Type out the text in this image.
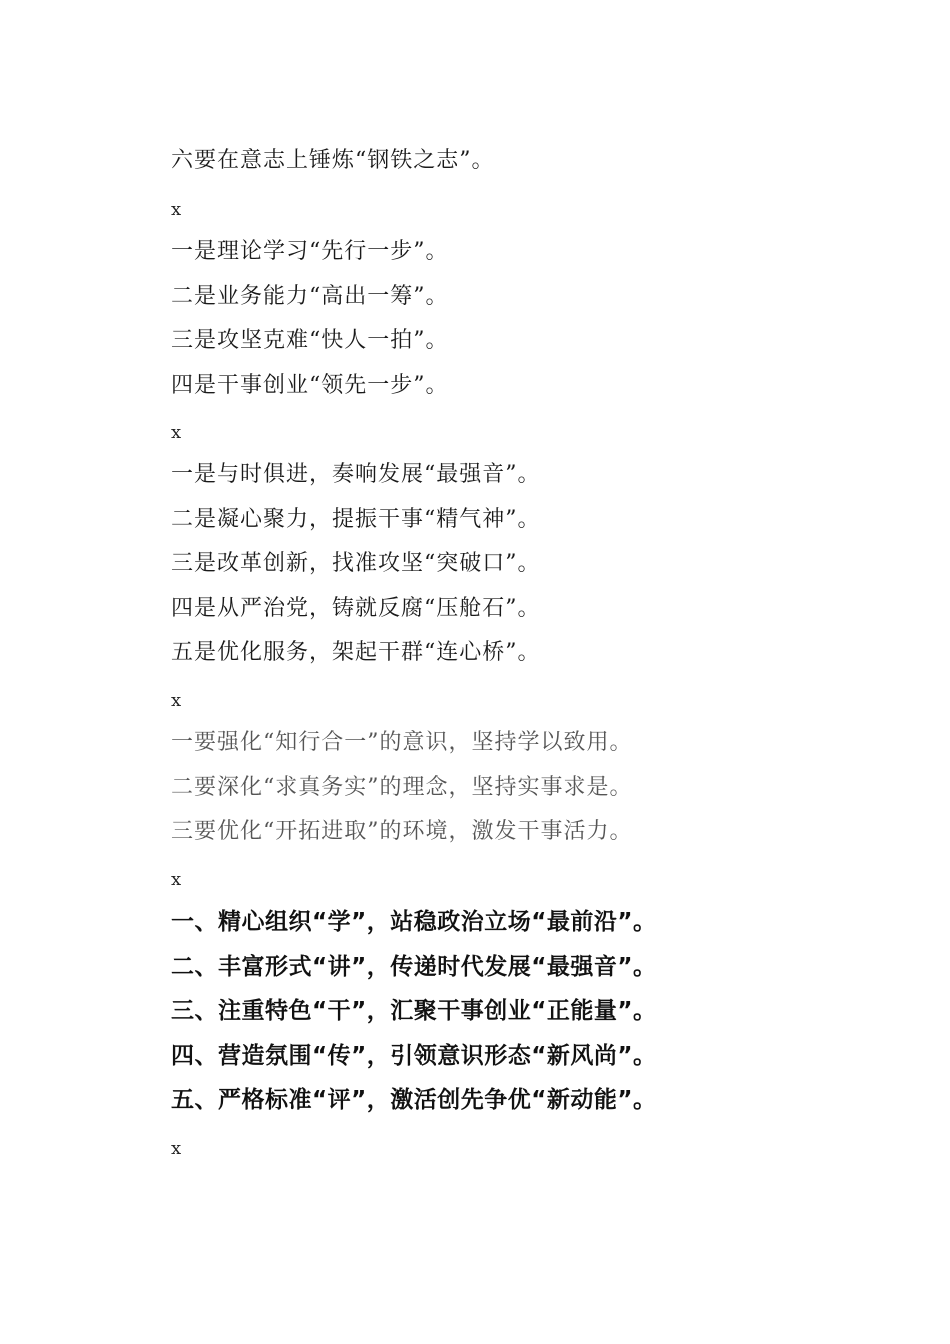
六要在意志上锤炼“钢铁之志”。
x
一是理论学习“先行一步”。
二是业务能力“高出一筹”。
三是攻坚克难“快人一拍”。
四是干事创业“领先一步”。
x
一是与时俱进，奏响发展“最强音”。
二是凝心聚力，提振干事“精气神”。
三是改革创新，找准攻坚“突破口”。
四是从严治党，铸就反腐“压舱石”。
五是优化服务，架起干群“连心桥”。
x
一要强化“知行合一”的意识，坚持学以致用。
二要深化“求真务实”的理念，坚持实事求是。
三要优化“开拓进取”的环境，激发干事活力。
x
一、精心组织“学”，站稳政治立场“最前沿”。
二、丰富形式“讲”，传递时代发展“最强音”。
三、注重特色“干”，汇聚干事创业“正能量”。
四、营造氛围“传”，引领意识形态“新风尚”。
五、严格标准“评”，激活创先争优“新动能”。
x
